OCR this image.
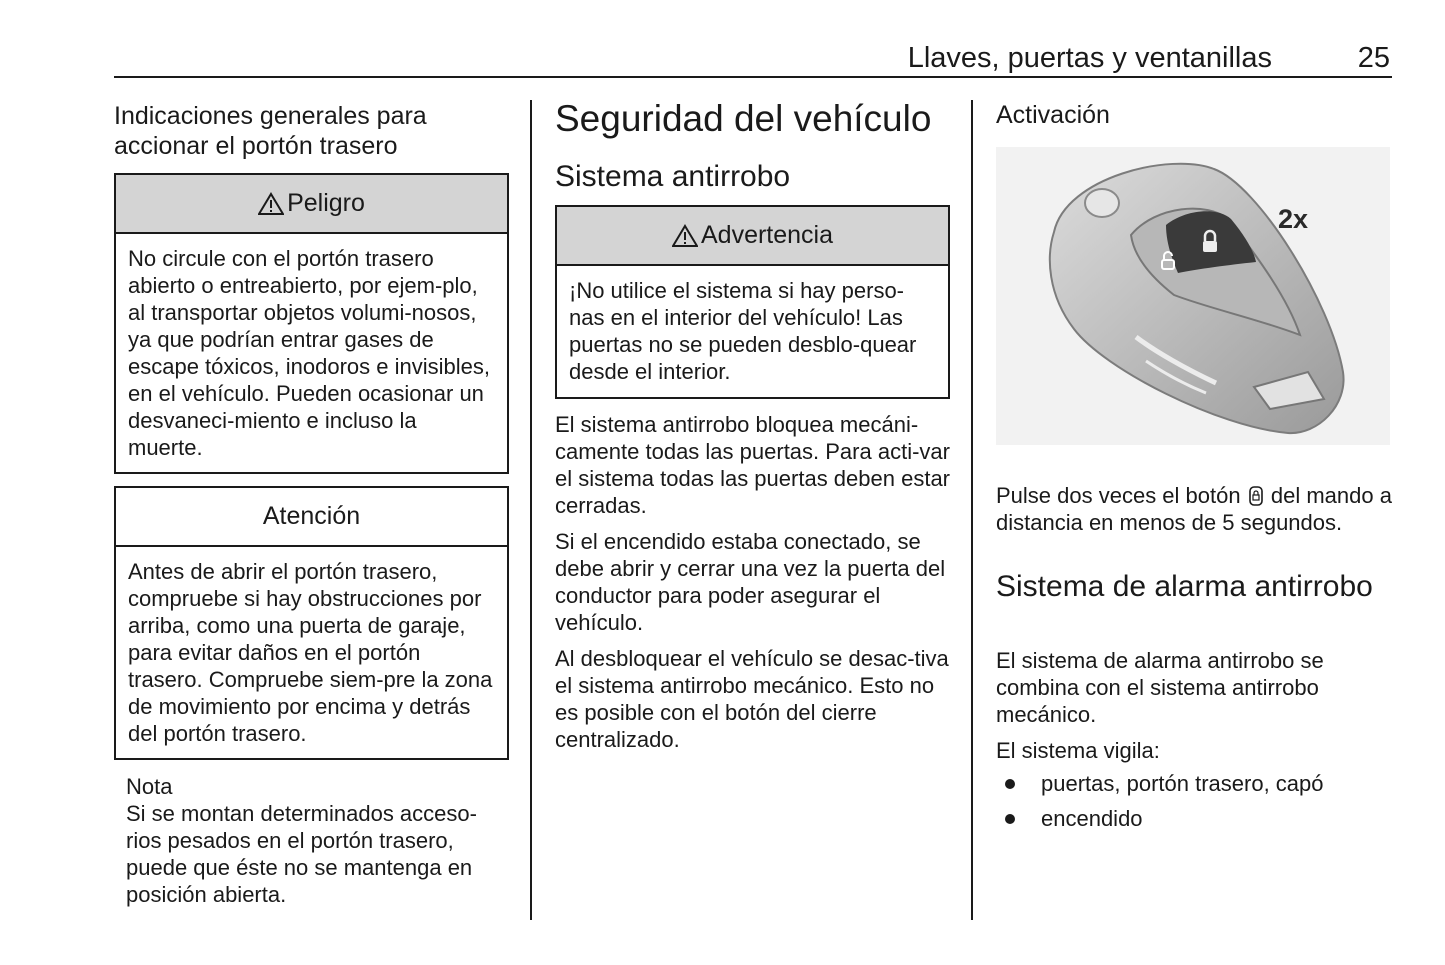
Llaves, puertas y ventanillas	25
Indicaciones generales para accionar el portón trasero
Peligro
No circule con el portón trasero abierto o entreabierto, por ejem-plo, al transportar objetos volumi-nosos, ya que podrían entrar gases de escape tóxicos, inodoros e invisibles, en el vehículo. Pueden ocasionar un desvaneci-miento e incluso la muerte.
Atención
Antes de abrir el portón trasero, compruebe si hay obstrucciones por arriba, como una puerta de garaje, para evitar daños en el portón trasero. Compruebe siem-pre la zona de movimiento por encima y detrás del portón trasero.
Nota
Si se montan determinados acceso-rios pesados en el portón trasero, puede que éste no se mantenga en posición abierta.
Seguridad del vehículo
Sistema antirrobo
Advertencia
¡No utilice el sistema si hay perso-nas en el interior del vehículo! Las puertas no se pueden desblo-quear desde el interior.

El sistema antirrobo bloquea mecáni-camente todas las puertas. Para acti-var el sistema todas las puertas deben estar cerradas.

Si el encendido estaba conectado, se debe abrir y cerrar una vez la puerta del conductor para poder asegurar el vehículo.

Al desbloquear el vehículo se desac-tiva el sistema antirrobo mecánico. Esto no es posible con el botón del cierre centralizado.

Activación
2x
Pulse dos veces el botón del mando a distancia en menos de 5 segundos.
Sistema de alarma antirrobo

El sistema de alarma antirrobo se combina con el sistema antirrobo mecánico.

El sistema vigila:

puertas, portón trasero, capó
encendido
